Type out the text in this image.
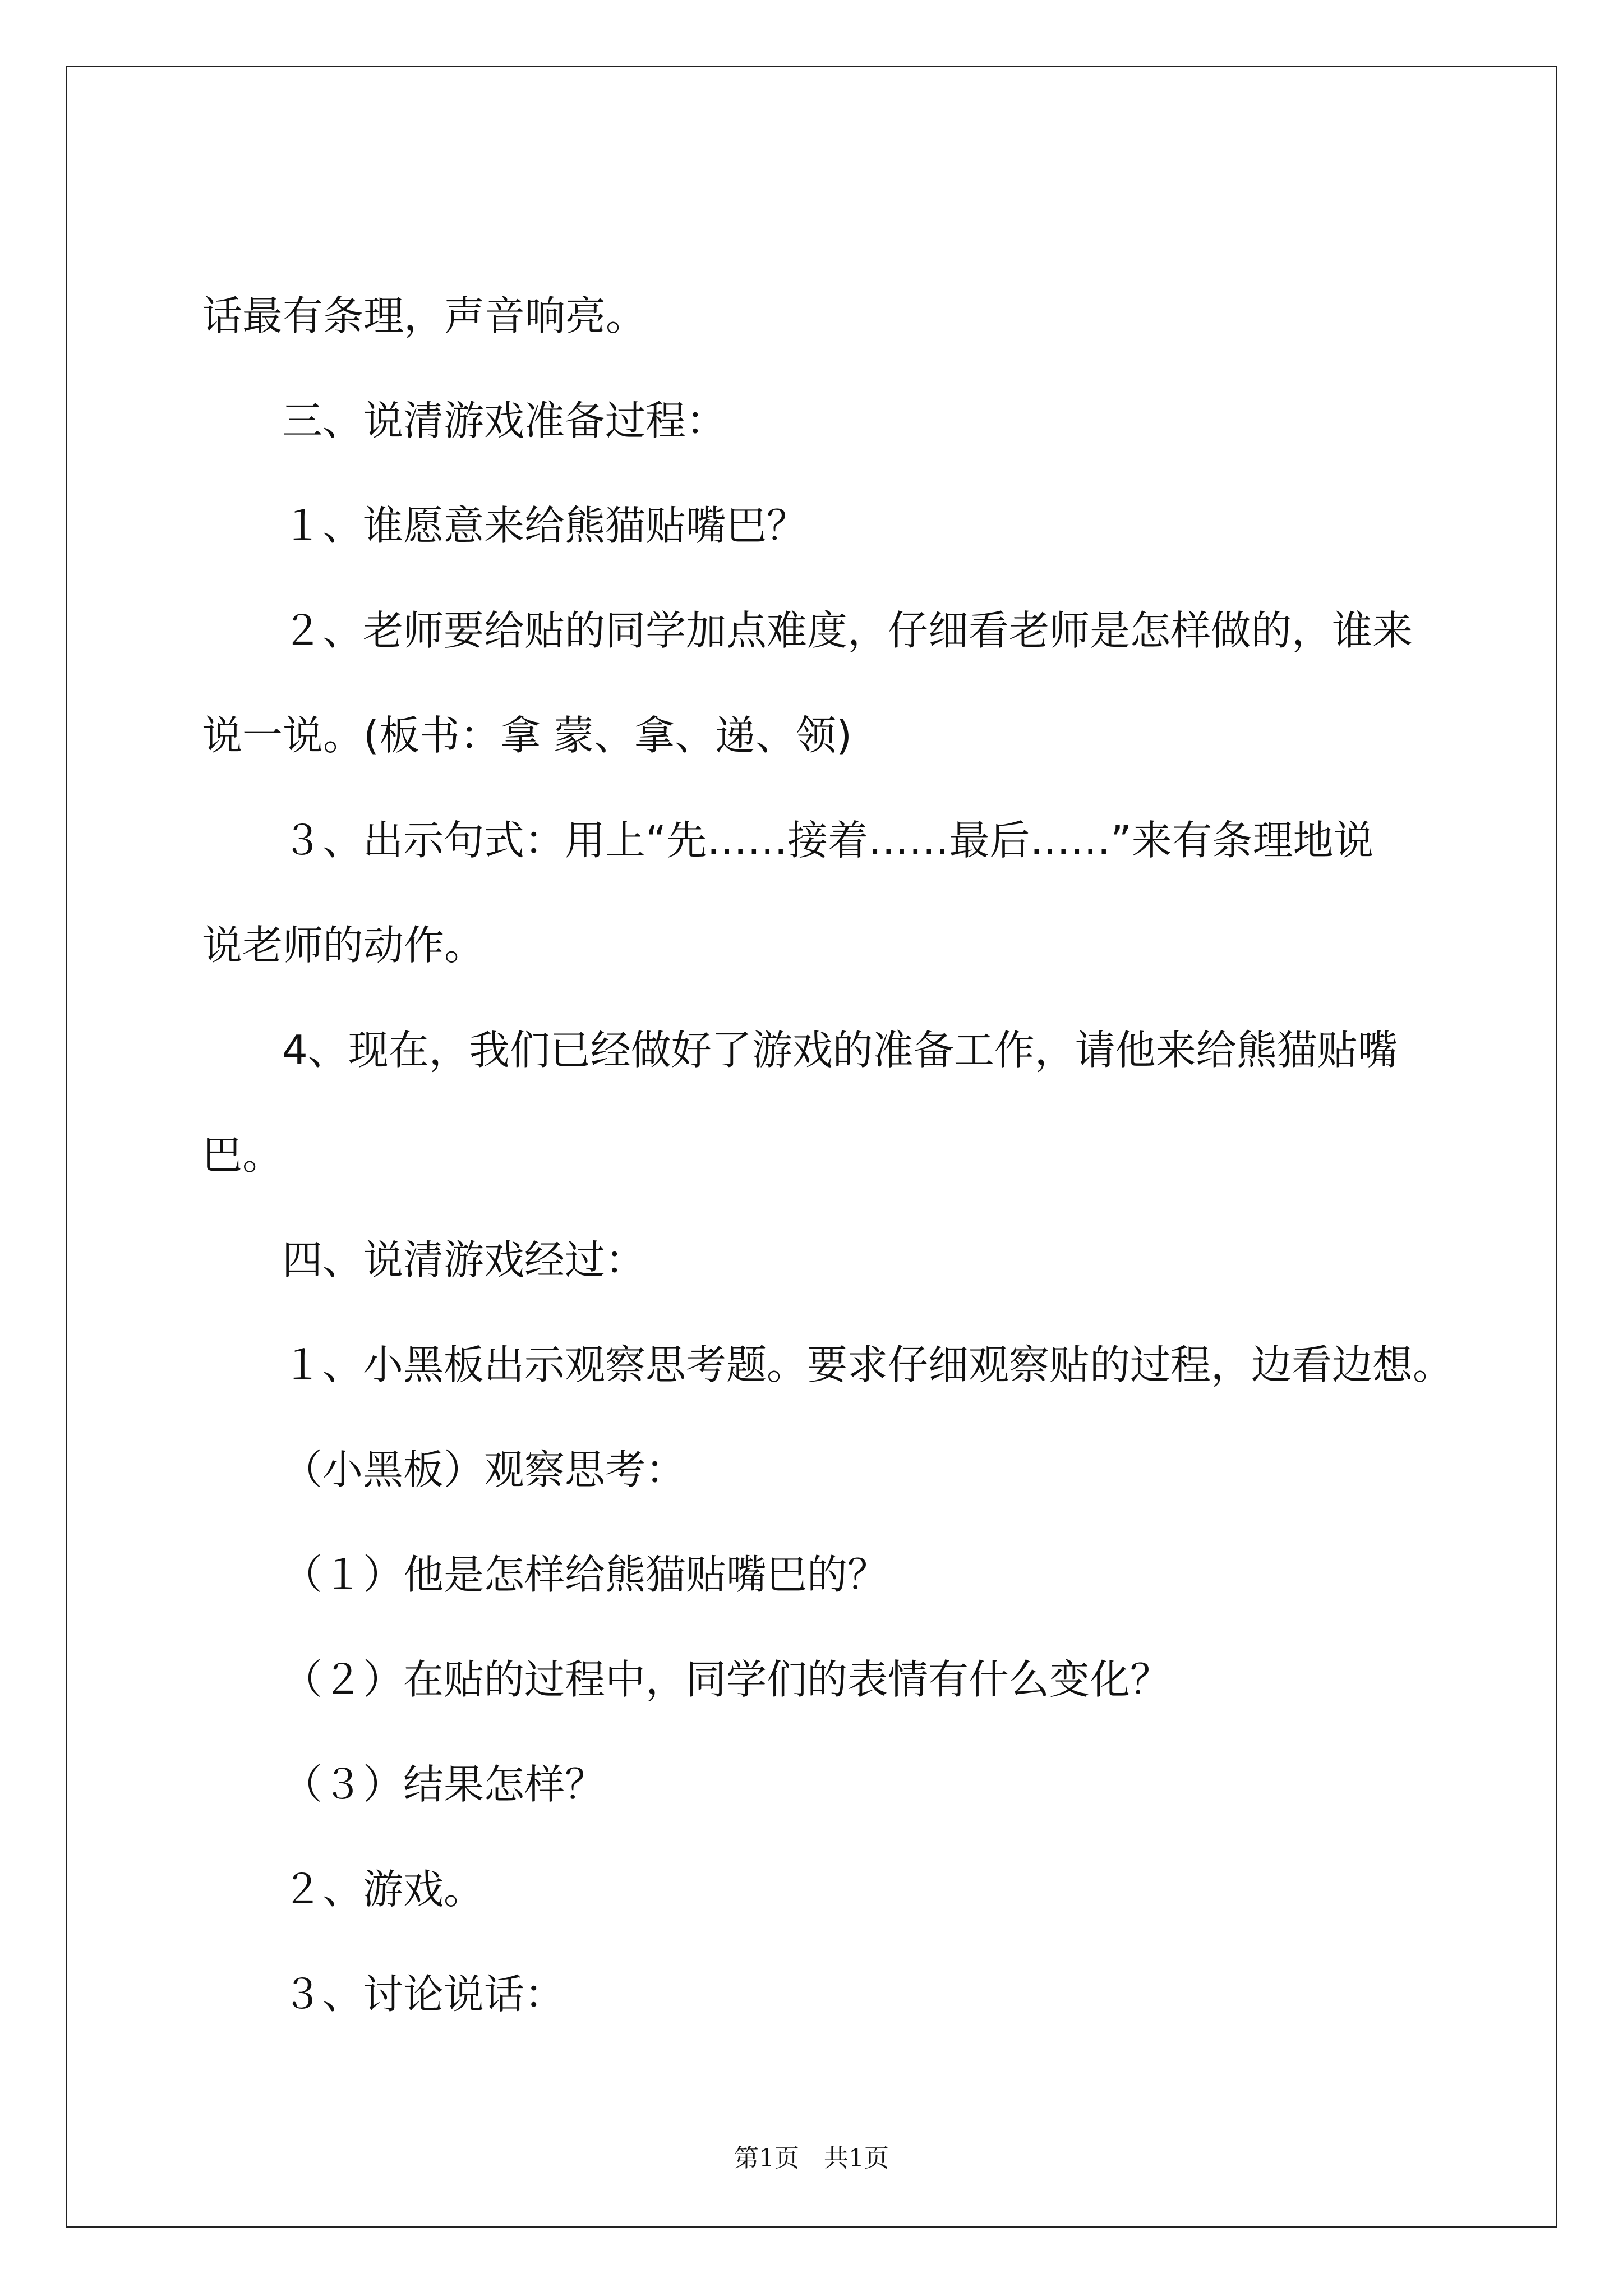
话最有条理，声音响亮。
三、说清游戏准备过程：
１、谁愿意来给熊猫贴嘴巴？
２、老师要给贴的同学加点难度，仔细看老师是怎样做的，谁来
说一说。(板书：拿 蒙、拿、递、领)
３、出示句式：用上“先……接着……最后……”来有条理地说
说老师的动作。
4、现在，我们已经做好了游戏的准备工作，请他来给熊猫贴嘴
巴。
四、说清游戏经过：
１、小黑板出示观察思考题。要求仔细观察贴的过程，边看边想。
（小黑板）观察思考：
（１）他是怎样给熊猫贴嘴巴的？
（２）在贴的过程中，同学们的表情有什么变化？
（３）结果怎样？
２、游戏。
３、讨论说话：
第1页　共1页
